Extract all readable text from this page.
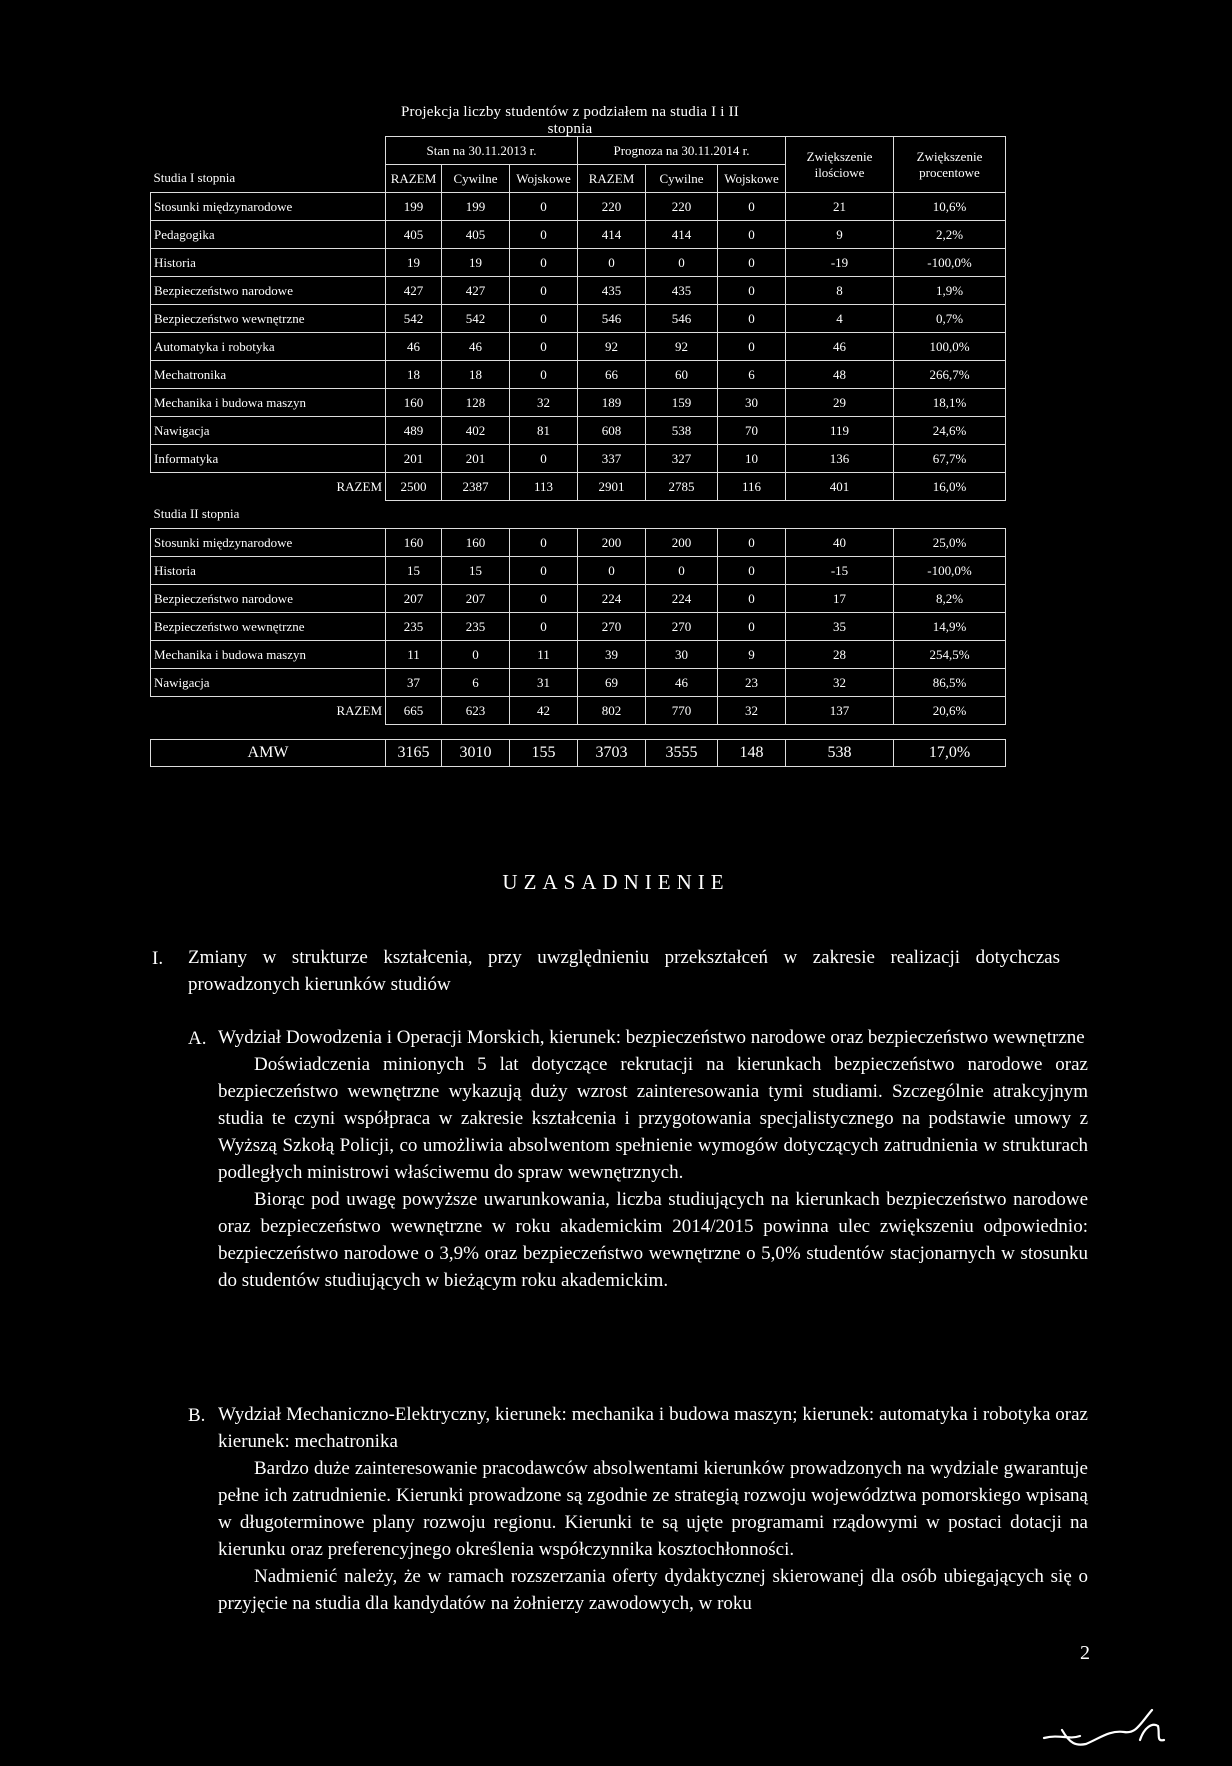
Projekcja liczby studentów z podziałem na studia I i II stopnia
	Stan na 30.11.2013 r.			Prognoza na 30.11.2014 r.			Zwiększenie ilościowe	Zwiększenie procentowe
Studia I stopnia	RAZEM	Cywilne	Wojskowe	RAZEM	Cywilne	Wojskowe		
Stosunki międzynarodowe	199	199	0	220	220	0	21	10,6%
Pedagogika	405	405	0	414	414	0	9	2,2%
Historia	19	19	0	0	0	0	-19	-100,0%
Bezpieczeństwo narodowe	427	427	0	435	435	0	8	1,9%
Bezpieczeństwo wewnętrzne	542	542	0	546	546	0	4	0,7%
Automatyka i robotyka	46	46	0	92	92	0	46	100,0%
Mechatronika	18	18	0	66	60	6	48	266,7%
Mechanika i budowa maszyn	160	128	32	189	159	30	29	18,1%
Nawigacja	489	402	81	608	538	70	119	24,6%
Informatyka	201	201	0	337	327	10	136	67,7%
RAZEM	2500	2387	113	2901	2785	116	401	16,0%
Studia II stopnia								
Stosunki międzynarodowe	160	160	0	200	200	0	40	25,0%
Historia	15	15	0	0	0	0	-15	-100,0%
Bezpieczeństwo narodowe	207	207	0	224	224	0	17	8,2%
Bezpieczeństwo wewnętrzne	235	235	0	270	270	0	35	14,9%
Mechanika i budowa maszyn	11	0	11	39	30	9	28	254,5%
Nawigacja	37	6	31	69	46	23	32	86,5%
RAZEM	665	623	42	802	770	32	137	20,6%

AMW	3165	3010	155	3703	3555	148	538	17,0%
UZASADNIENIE
I. Zmiany w strukturze kształcenia, przy uwzględnieniu przekształceń w zakresie realizacji dotychczas prowadzonych kierunków studiów
A. Wydział Dowodzenia i Operacji Morskich, kierunek: bezpieczeństwo narodowe oraz bezpieczeństwo wewnętrzne

Doświadczenia minionych 5 lat dotyczące rekrutacji na kierunkach bezpieczeństwo narodowe oraz bezpieczeństwo wewnętrzne wykazują duży wzrost zainteresowania tymi studiami. Szczególnie atrakcyjnym studia te czyni współpraca w zakresie kształcenia i przygotowania specjalistycznego na podstawie umowy z Wyższą Szkołą Policji, co umożliwia absolwentom spełnienie wymogów dotyczących zatrudnienia w strukturach podległych ministrowi właściwemu do spraw wewnętrznych.

Biorąc pod uwagę powyższe uwarunkowania, liczba studiujących na kierunkach bezpieczeństwo narodowe oraz bezpieczeństwo wewnętrzne w roku akademickim 2014/2015 powinna ulec zwiększeniu odpowiednio: bezpieczeństwo narodowe o 3,9% oraz bezpieczeństwo wewnętrzne o 5,0% studentów stacjonarnych w stosunku do studentów studiujących w bieżącym roku akademickim.

B. Wydział Mechaniczno-Elektryczny, kierunek: mechanika i budowa maszyn; kierunek: automatyka i robotyka oraz kierunek: mechatronika

Bardzo duże zainteresowanie pracodawców absolwentami kierunków prowadzonych na wydziale gwarantuje pełne ich zatrudnienie. Kierunki prowadzone są zgodnie ze strategią rozwoju województwa pomorskiego wpisaną w długoterminowe plany rozwoju regionu. Kierunki te są ujęte programami rządowymi w postaci dotacji na kierunku oraz preferencyjnego określenia współczynnika kosztochłonności.

Nadmienić należy, że w ramach rozszerzania oferty dydaktycznej skierowanej dla osób ubiegających się o przyjęcie na studia dla kandydatów na żołnierzy zawodowych, w roku

2
